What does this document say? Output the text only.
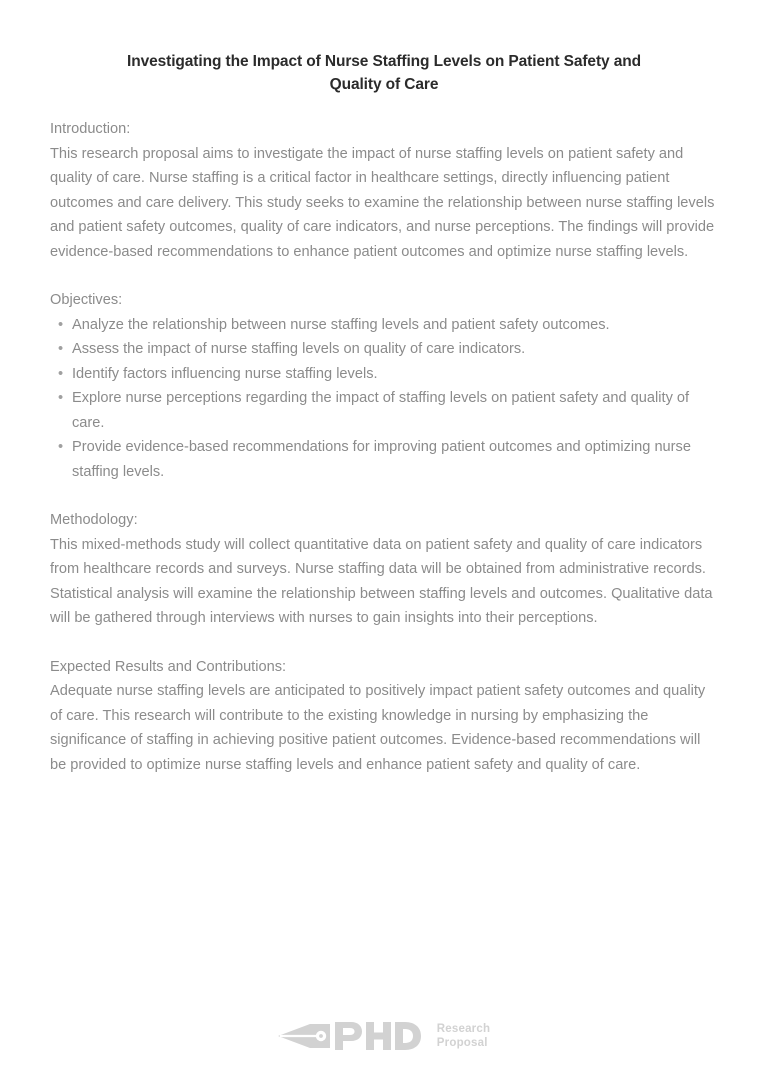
Investigating the Impact of Nurse Staffing Levels on Patient Safety and Quality of Care
Introduction:

This research proposal aims to investigate the impact of nurse staffing levels on patient safety and quality of care. Nurse staffing is a critical factor in healthcare settings, directly influencing patient outcomes and care delivery. This study seeks to examine the relationship between nurse staffing levels and patient safety outcomes, quality of care indicators, and nurse perceptions. The findings will provide evidence-based recommendations to enhance patient outcomes and optimize nurse staffing levels.

Objectives:
• Analyze the relationship between nurse staffing levels and patient safety outcomes.
• Assess the impact of nurse staffing levels on quality of care indicators.
• Identify factors influencing nurse staffing levels.
• Explore nurse perceptions regarding the impact of staffing levels on patient safety and quality of care.
• Provide evidence-based recommendations for improving patient outcomes and optimizing nurse staffing levels.
Methodology:

This mixed-methods study will collect quantitative data on patient safety and quality of care indicators from healthcare records and surveys. Nurse staffing data will be obtained from administrative records. Statistical analysis will examine the relationship between staffing levels and outcomes. Qualitative data will be gathered through interviews with nurses to gain insights into their perceptions.

Expected Results and Contributions:

Adequate nurse staffing levels are anticipated to positively impact patient safety outcomes and quality of care. This research will contribute to the existing knowledge in nursing by emphasizing the significance of staffing in achieving positive patient outcomes. Evidence-based recommendations will be provided to optimize nurse staffing levels and enhance patient safety and quality of care.

Research
Proposal
